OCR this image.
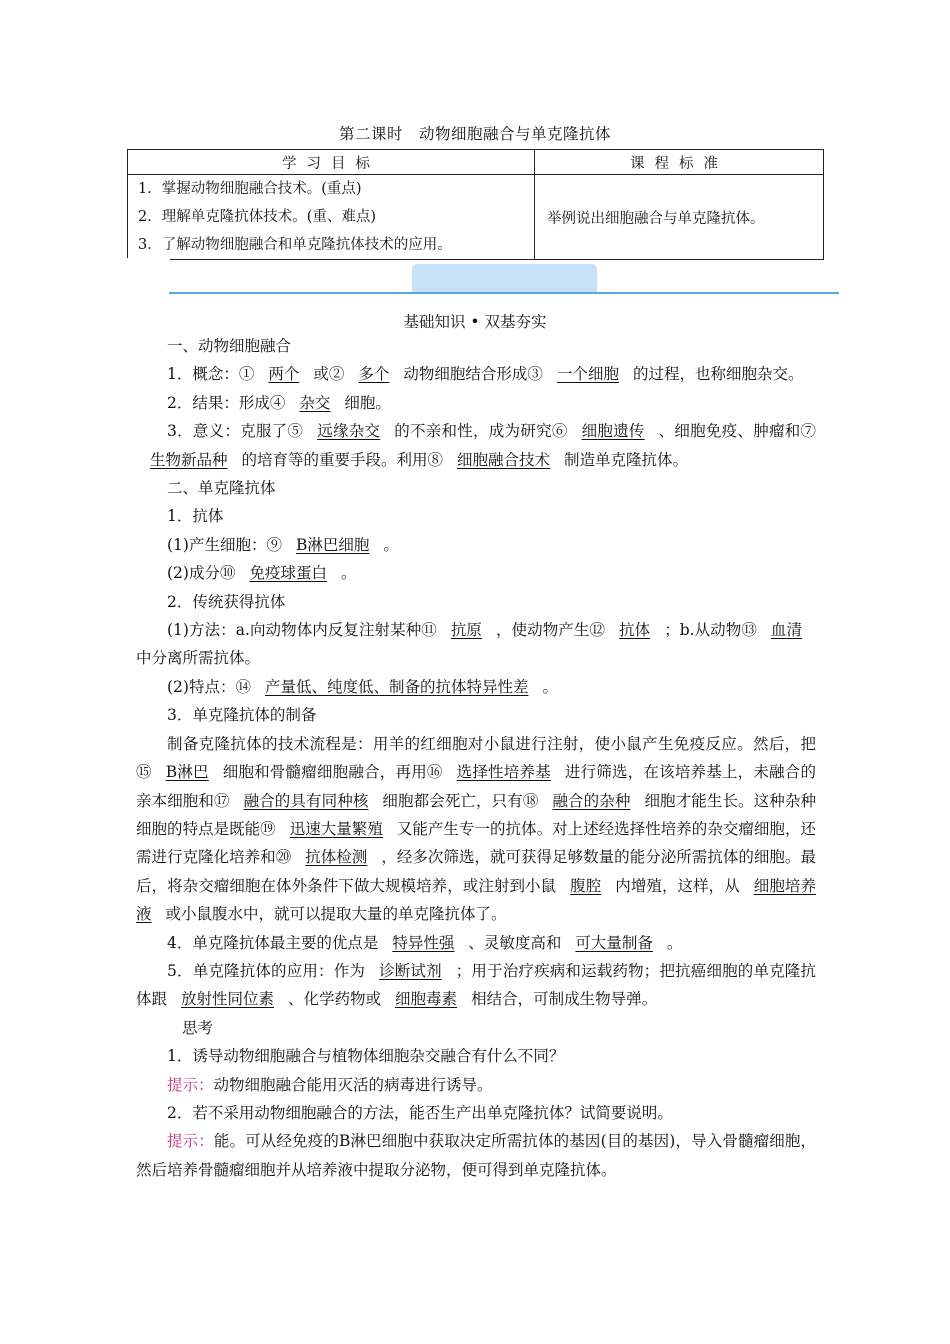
第二课时　动物细胞融合与单克隆抗体
学习目标	课程标准

1．掌握动物细胞融合技术。(重点)
2．理解单克隆抗体技术。(重、难点)
3．了解动物细胞融合和单克隆抗体技术的应用。	举例说出细胞融合与单克隆抗体。
基础知识 • 双基夯实

一、动物细胞融合

1．概念：① 两个 或② 多个 动物细胞结合形成③ 一个细胞 的过程，也称细胞杂交。

2．结果：形成④ 杂交 细胞。

3．意义：克服了⑤ 远缘杂交 的不亲和性，成为研究⑥ 细胞遗传 、细胞免疫、肿瘤和⑦生物新品种 的培育等的重要手段。利用⑧ 细胞融合技术 制造单克隆抗体。

二、单克隆抗体

1．抗体

(1)产生细胞：⑨ B淋巴细胞 。

(2)成分⑩ 免疫球蛋白 。

2．传统获得抗体

(1)方法：a.向动物体内反复注射某种⑪ 抗原 ，使动物产生⑫ 抗体 ；b.从动物⑬ 血清中分离所需抗体。

(2)特点：⑭ 产量低、纯度低、制备的抗体特异性差 。

3．单克隆抗体的制备

制备克隆抗体的技术流程是：用羊的红细胞对小鼠进行注射，使小鼠产生免疫反应。然后，把⑮ B淋巴 细胞和骨髓瘤细胞融合，再用⑯ 选择性培养基 进行筛选，在该培养基上，未融合的亲本细胞和⑰ 融合的具有同种核 细胞都会死亡，只有⑱ 融合的杂种 细胞才能生长。这种杂种细胞的特点是既能⑲ 迅速大量繁殖 又能产生专一的抗体。对上述经选择性培养的杂交瘤细胞，还需进行克隆化培养和⑳ 抗体检测 ，经多次筛选，就可获得足够数量的能分泌所需抗体的细胞。最后，将杂交瘤细胞在体外条件下做大规模培养，或注射到小鼠 腹腔 内增殖，这样，从 细胞培养液 或小鼠腹水中，就可以提取大量的单克隆抗体了。

4．单克隆抗体最主要的优点是 特异性强 、灵敏度高和 可大量制备 。

5．单克隆抗体的应用：作为 诊断试剂 ；用于治疗疾病和运载药物；把抗癌细胞的单克隆抗体跟 放射性同位素 、化学药物或 细胞毒素 相结合，可制成生物导弹。

思考

1．诱导动物细胞融合与植物体细胞杂交融合有什么不同？

提示：动物细胞融合能用灭活的病毒进行诱导。

2．若不采用动物细胞融合的方法，能否生产出单克隆抗体？试简要说明。

提示：能。可从经免疫的B淋巴细胞中获取决定所需抗体的基因(目的基因)，导入骨髓瘤细胞，然后培养骨髓瘤细胞并从培养液中提取分泌物，便可得到单克隆抗体。
